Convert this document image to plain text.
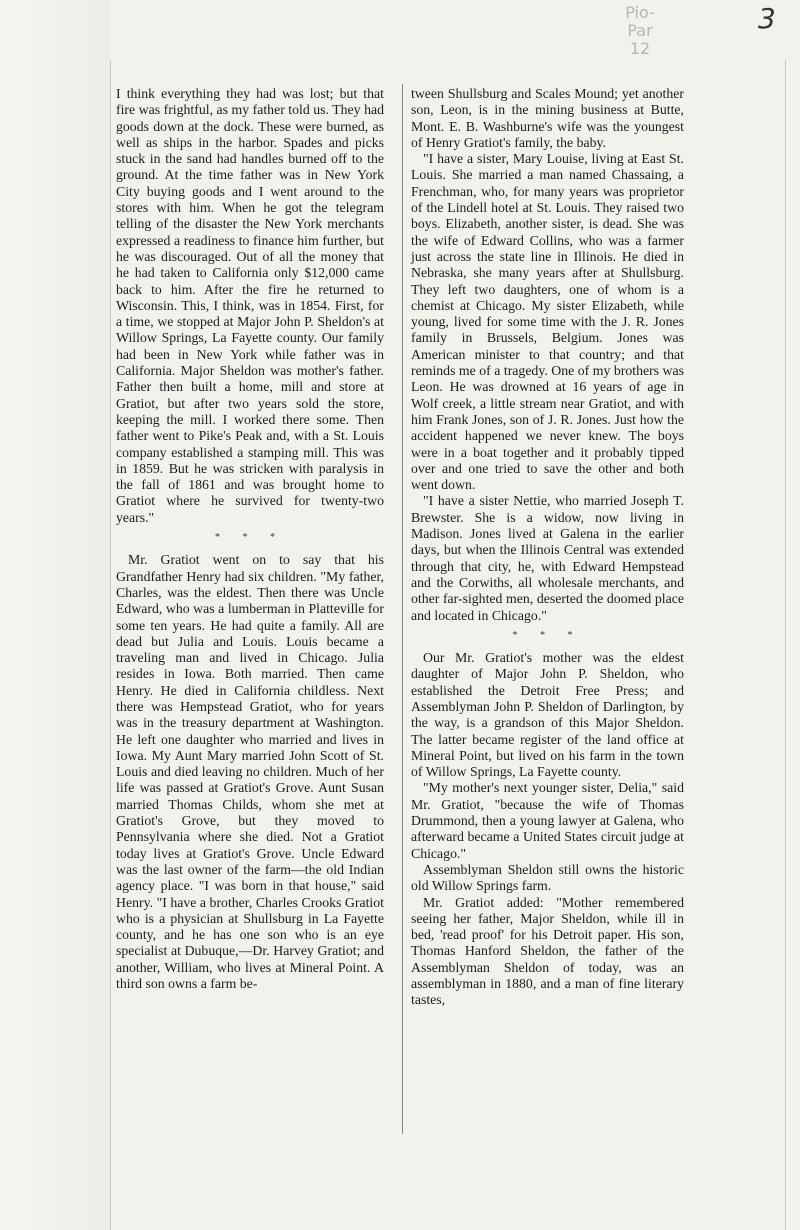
Pio-
Par
12
3

I think everything they had was lost; but that fire was frightful, as my father told us. They had goods down at the dock. These were burned, as well as ships in the harbor. Spades and picks stuck in the sand had handles burned off to the ground. At the time father was in New York City buying goods and I went around to the stores with him. When he got the telegram telling of the disaster the New York merchants expressed a readiness to finance him further, but he was discouraged. Out of all the money that he had taken to California only $12,000 came back to him. After the fire he returned to Wisconsin. This, I think, was in 1854. First, for a time, we stopped at Major John P. Sheldon's at Willow Springs, La Fayette county. Our family had been in New York while father was in California. Major Sheldon was mother's father. Father then built a home, mill and store at Gratiot, but after two years sold the store, keeping the mill. I worked there some. Then father went to Pike's Peak and, with a St. Louis company established a stamping mill. This was in 1859. But he was stricken with paralysis in the fall of 1861 and was brought home to Gratiot where he survived for twenty-two years."

* * *

Mr. Gratiot went on to say that his Grandfather Henry had six children. "My father, Charles, was the eldest. Then there was Uncle Edward, who was a lumberman in Platteville for some ten years. He had quite a family. All are dead but Julia and Louis. Louis became a traveling man and lived in Chicago. Julia resides in Iowa. Both married. Then came Henry. He died in California childless. Next there was Hempstead Gratiot, who for years was in the treasury department at Washington. He left one daughter who married and lives in Iowa. My Aunt Mary married John Scott of St. Louis and died leaving no children. Much of her life was passed at Gratiot's Grove. Aunt Susan married Thomas Childs, whom she met at Gratiot's Grove, but they moved to Pennsylvania where she died. Not a Gratiot today lives at Gratiot's Grove. Uncle Edward was the last owner of the farm—the old Indian agency place. "I was born in that house," said Henry. "I have a brother, Charles Crooks Gratiot who is a physician at Shullsburg in La Fayette county, and he has one son who is an eye specialist at Dubuque,—Dr. Harvey Gratiot; and another, William, who lives at Mineral Point. A third son owns a farm be-

tween Shullsburg and Scales Mound; yet another son, Leon, is in the mining business at Butte, Mont. E. B. Washburne's wife was the youngest of Henry Gratiot's family, the baby.

"I have a sister, Mary Louise, living at East St. Louis. She married a man named Chassaing, a Frenchman, who, for many years was proprietor of the Lindell hotel at St. Louis. They raised two boys. Elizabeth, another sister, is dead. She was the wife of Edward Collins, who was a farmer just across the state line in Illinois. He died in Nebraska, she many years after at Shullsburg. They left two daughters, one of whom is a chemist at Chicago. My sister Elizabeth, while young, lived for some time with the J. R. Jones family in Brussels, Belgium. Jones was American minister to that country; and that reminds me of a tragedy. One of my brothers was Leon. He was drowned at 16 years of age in Wolf creek, a little stream near Gratiot, and with him Frank Jones, son of J. R. Jones. Just how the accident happened we never knew. The boys were in a boat together and it probably tipped over and one tried to save the other and both went down.

"I have a sister Nettie, who married Joseph T. Brewster. She is a widow, now living in Madison. Jones lived at Galena in the earlier days, but when the Illinois Central was extended through that city, he, with Edward Hempstead and the Corwiths, all wholesale merchants, and other far-sighted men, deserted the doomed place and located in Chicago."

* * *

Our Mr. Gratiot's mother was the eldest daughter of Major John P. Sheldon, who established the Detroit Free Press; and Assemblyman John P. Sheldon of Darlington, by the way, is a grandson of this Major Sheldon. The latter became register of the land office at Mineral Point, but lived on his farm in the town of Willow Springs, La Fayette county.

"My mother's next younger sister, Delia," said Mr. Gratiot, "because the wife of Thomas Drummond, then a young lawyer at Galena, who afterward became a United States circuit judge at Chicago."

Assemblyman Sheldon still owns the historic old Willow Springs farm.

Mr. Gratiot added: "Mother remembered seeing her father, Major Sheldon, while ill in bed, 'read proof' for his Detroit paper. His son, Thomas Hanford Sheldon, the father of the Assemblyman Sheldon of today, was an assemblyman in 1880, and a man of fine literary tastes,
